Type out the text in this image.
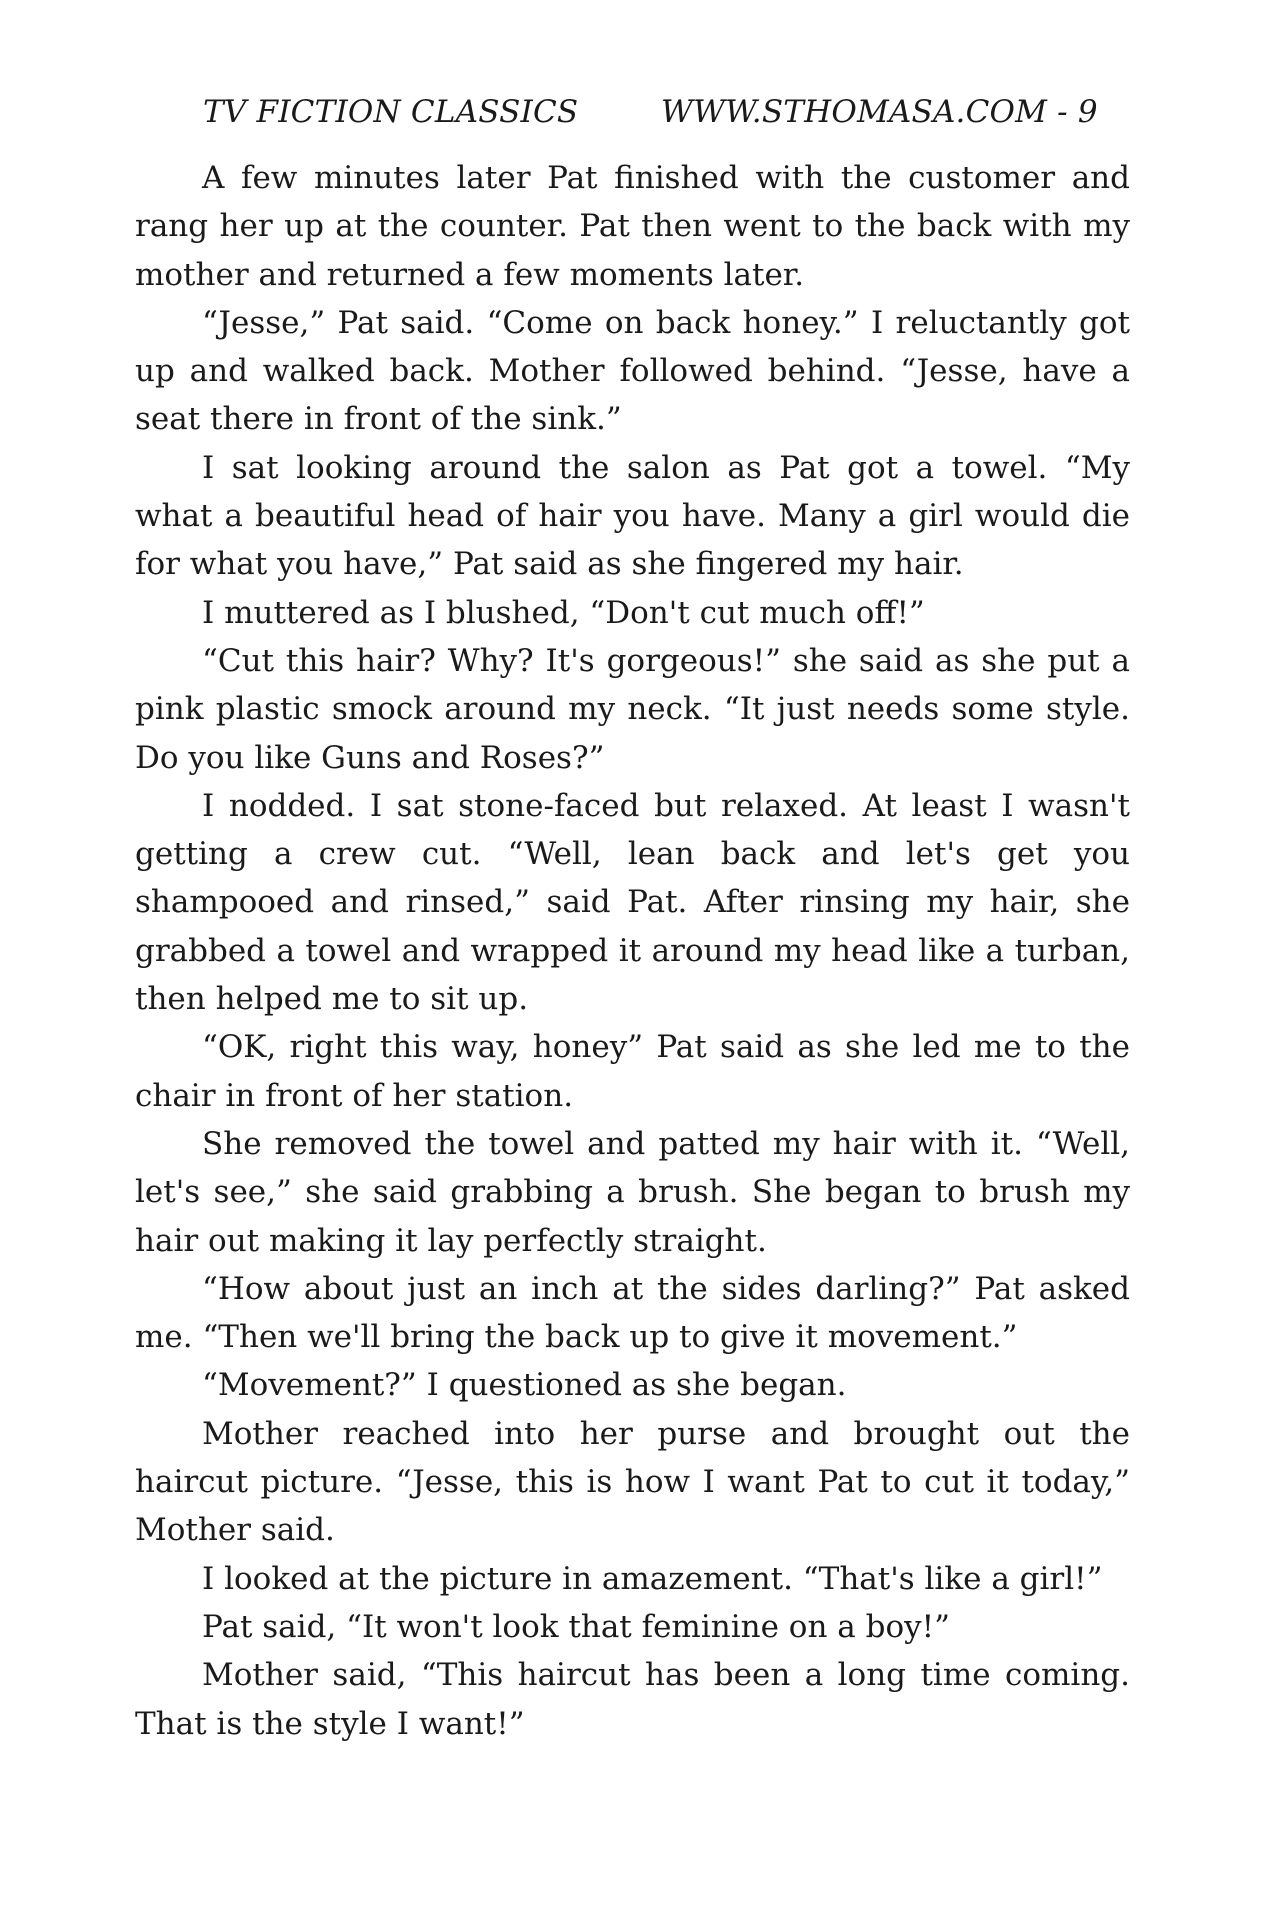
TV FICTION CLASSICS	WWW.STHOMASA.COM - 9

A few minutes later Pat finished with the customer and rang her up at the counter. Pat then went to the back with my mother and returned a few moments later.

“Jesse,” Pat said. “Come on back honey.” I reluctantly got up and walked back. Mother followed behind. “Jesse, have a seat there in front of the sink.”

I sat looking around the salon as Pat got a towel. “My what a beautiful head of hair you have. Many a girl would die for what you have,” Pat said as she fingered my hair.

I muttered as I blushed, “Don't cut much off!”

“Cut this hair? Why? It's gorgeous!” she said as she put a pink plastic smock around my neck. “It just needs some style. Do you like Guns and Roses?”

I nodded. I sat stone-faced but relaxed. At least I wasn't getting a crew cut. “Well, lean back and let's get you shampooed and rinsed,” said Pat. After rinsing my hair, she grabbed a towel and wrapped it around my head like a turban, then helped me to sit up.

“OK, right this way, honey” Pat said as she led me to the chair in front of her station.

She removed the towel and patted my hair with it. “Well, let's see,” she said grabbing a brush. She began to brush my hair out making it lay perfectly straight.

“How about just an inch at the sides darling?” Pat asked me. “Then we'll bring the back up to give it movement.”

“Movement?” I questioned as she began.

Mother reached into her purse and brought out the haircut picture. “Jesse, this is how I want Pat to cut it today,” Mother said.

I looked at the picture in amazement. “That's like a girl!”

Pat said, “It won't look that feminine on a boy!”

Mother said, “This haircut has been a long time coming. That is the style I want!”
